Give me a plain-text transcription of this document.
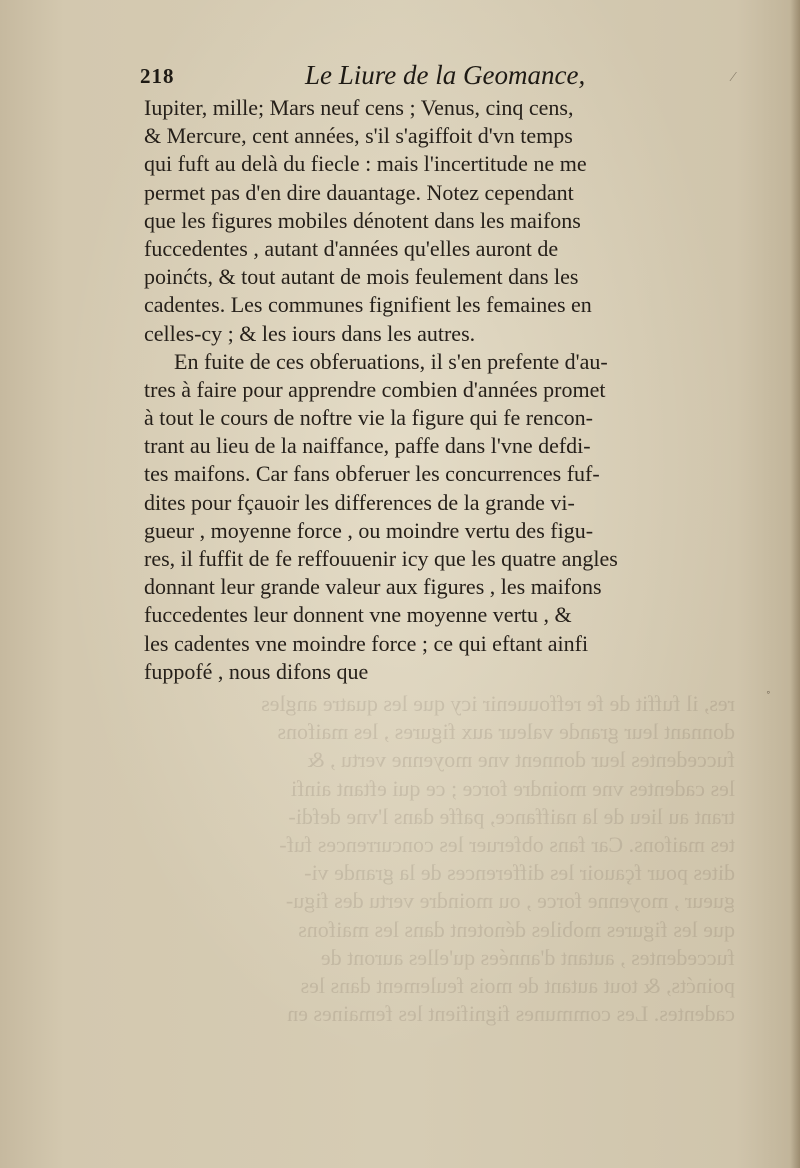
218	Le Liure de la Geomance,
Iupiter, mille; Mars neuf cens ; Venus, cinq cens,
& Mercure, cent années, s'il s'agiffoit d'vn temps
qui fuft au delà du fiecle : mais l'incertitude ne me
permet pas d'en dire dauantage. Notez cependant
que les figures mobiles dénotent dans les maifons
fuccedentes , autant d'années qu'elles auront de
poinćts, & tout autant de mois feulement dans les
cadentes. Les communes fignifient les femaines en
celles-cy ; & les iours dans les autres.
En fuite de ces obferuations, il s'en prefente d'au-
tres à faire pour apprendre combien d'années promet
à tout le cours de noftre vie la figure qui fe rencon-
trant au lieu de la naiffance, paffe dans l'vne defdi-
tes maifons. Car fans obferuer les concurrences fuf-
dites pour fçauoir les differences de la grande vi-
gueur , moyenne force , ou moindre vertu des figu-
res, il fuffit de fe reffouuenir icy que les quatre angles
donnant leur grande valeur aux figures , les maifons
fuccedentes leur donnent vne moyenne vertu , &
les cadentes vne moindre force ; ce qui eftant ainfi
fuppofé , nous difons que
res, il fuffit de fe reffouuenir icy que les quatre angles
donnant leur grande valeur aux figures , les maifons
fuccedentes leur donnent vne moyenne vertu , &
les cadentes vne moindre force ; ce qui eftant ainfi
trant au lieu de la naiffance, paffe dans l'vne defdi-
tes maifons. Car fans obferuer les concurrences fuf-
dites pour fçauoir les differences de la grande vi-
gueur , moyenne force , ou moindre vertu des figu-
que les figures mobiles dénotent dans les maifons
fuccedentes , autant d'années qu'elles auront de
poinćts, & tout autant de mois feulement dans les
cadentes. Les communes fignifient les femaines en
⁄
˚
